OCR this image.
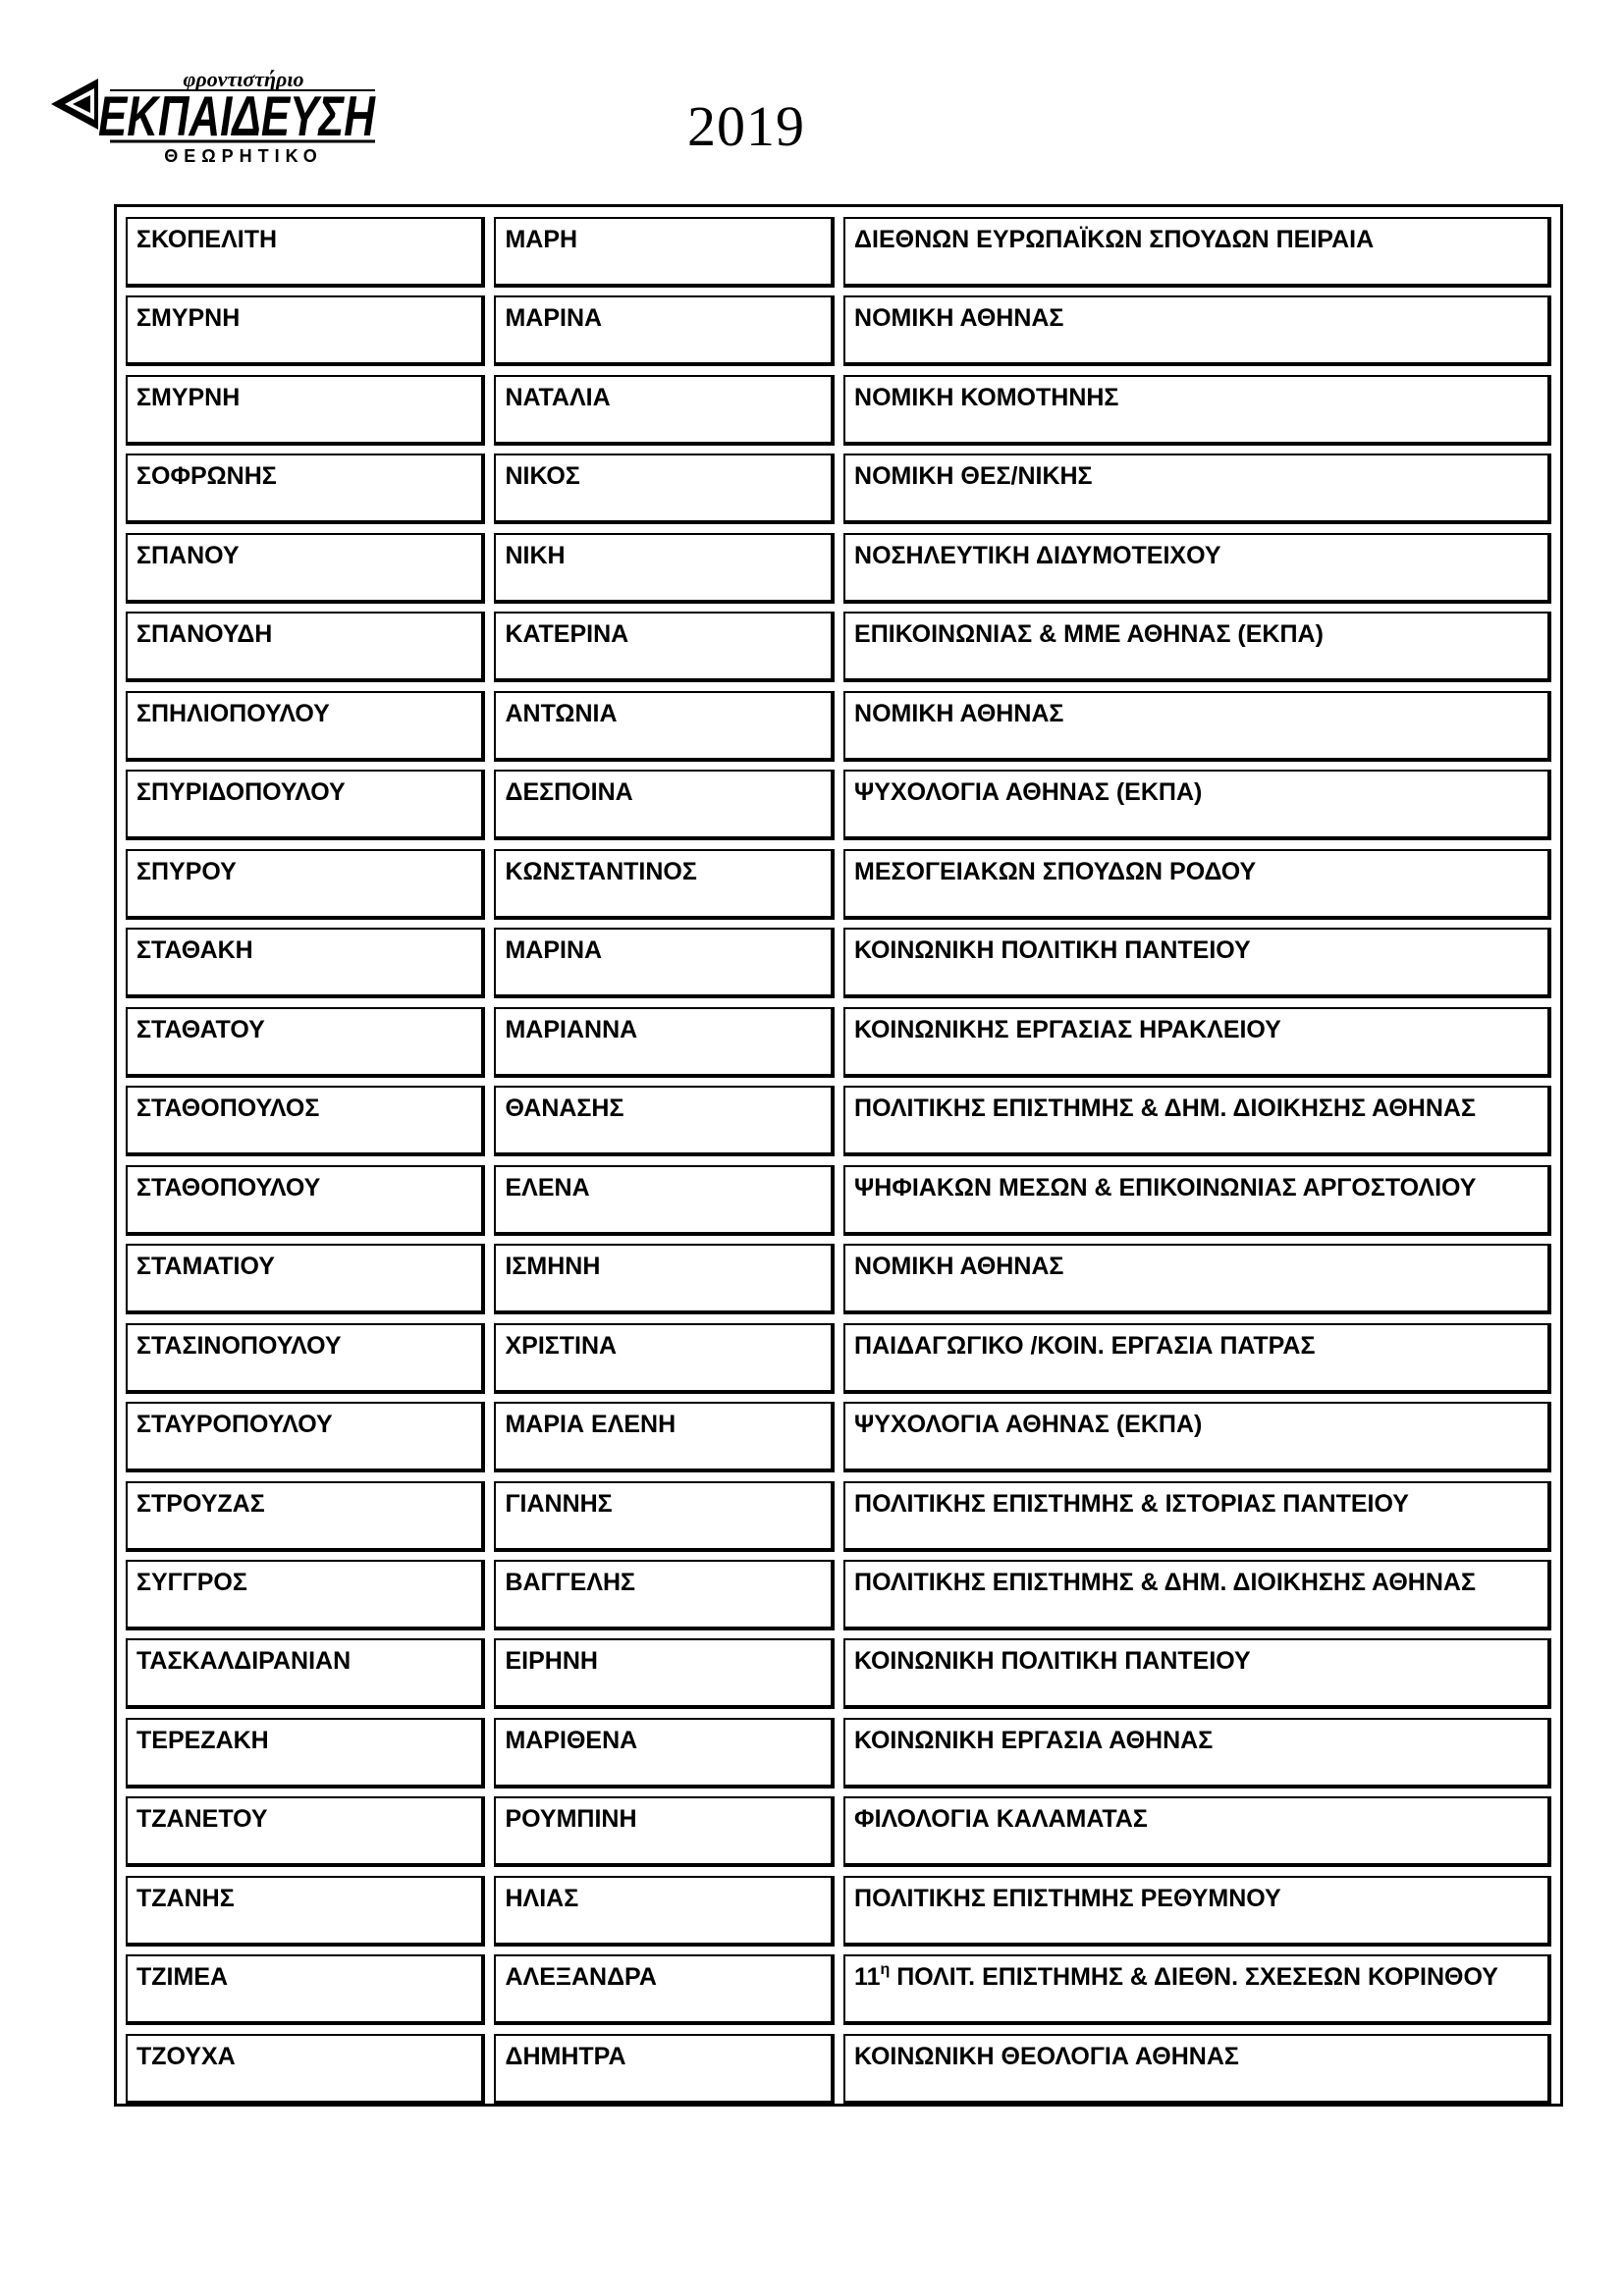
φροντιστήριο
ΕΚΠΑΙΔΕΥΣΗ
ΘΕΩΡΗΤΙΚΟ	2019
ΣΚΟΠΕΛΙΤΗ	ΜΑΡΗ	ΔΙΕΘΝΩΝ ΕΥΡΩΠΑΪΚΩΝ ΣΠΟΥΔΩΝ ΠΕΙΡΑΙΑ
ΣΜΥΡΝΗ	ΜΑΡΙΝΑ	ΝΟΜΙΚΗ ΑΘΗΝΑΣ
ΣΜΥΡΝΗ	ΝΑΤΑΛΙΑ	ΝΟΜΙΚΗ ΚΟΜΟΤΗΝΗΣ
ΣΟΦΡΩΝΗΣ	ΝΙΚΟΣ	ΝΟΜΙΚΗ ΘΕΣ/ΝΙΚΗΣ
ΣΠΑΝΟΥ	ΝΙΚΗ	ΝΟΣΗΛΕΥΤΙΚΗ ΔΙΔΥΜΟΤΕΙΧΟΥ
ΣΠΑΝΟΥΔΗ	ΚΑΤΕΡΙΝΑ	ΕΠΙΚΟΙΝΩΝΙΑΣ & ΜΜΕ ΑΘΗΝΑΣ (ΕΚΠΑ)
ΣΠΗΛΙΟΠΟΥΛΟΥ	ΑΝΤΩΝΙΑ	ΝΟΜΙΚΗ ΑΘΗΝΑΣ
ΣΠΥΡΙΔΟΠΟΥΛΟΥ	ΔΕΣΠΟΙΝΑ	ΨΥΧΟΛΟΓΙΑ ΑΘΗΝΑΣ (ΕΚΠΑ)
ΣΠΥΡΟΥ	ΚΩΝΣΤΑΝΤΙΝΟΣ	ΜΕΣΟΓΕΙΑΚΩΝ ΣΠΟΥΔΩΝ ΡΟΔΟΥ
ΣΤΑΘΑΚΗ	ΜΑΡΙΝΑ	ΚΟΙΝΩΝΙΚΗ ΠΟΛΙΤΙΚΗ ΠΑΝΤΕΙΟΥ
ΣΤΑΘΑΤΟΥ	ΜΑΡΙΑΝΝΑ	ΚΟΙΝΩΝΙΚΗΣ ΕΡΓΑΣΙΑΣ ΗΡΑΚΛΕΙΟΥ
ΣΤΑΘΟΠΟΥΛΟΣ	ΘΑΝΑΣΗΣ	ΠΟΛΙΤΙΚΗΣ ΕΠΙΣΤΗΜΗΣ & ΔΗΜ. ΔΙΟΙΚΗΣΗΣ ΑΘΗΝΑΣ
ΣΤΑΘΟΠΟΥΛΟΥ	ΕΛΕΝΑ	ΨΗΦΙΑΚΩΝ ΜΕΣΩΝ & ΕΠΙΚΟΙΝΩΝΙΑΣ ΑΡΓΟΣΤΟΛΙΟΥ
ΣΤΑΜΑΤΙΟΥ	ΙΣΜΗΝΗ	ΝΟΜΙΚΗ ΑΘΗΝΑΣ
ΣΤΑΣΙΝΟΠΟΥΛΟΥ	ΧΡΙΣΤΙΝΑ	ΠΑΙΔΑΓΩΓΙΚΟ /ΚΟΙΝ. ΕΡΓΑΣΙΑ ΠΑΤΡΑΣ
ΣΤΑΥΡΟΠΟΥΛΟΥ	ΜΑΡΙΑ ΕΛΕΝΗ	ΨΥΧΟΛΟΓΙΑ ΑΘΗΝΑΣ (ΕΚΠΑ)
ΣΤΡΟΥΖΑΣ	ΓΙΑΝΝΗΣ	ΠΟΛΙΤΙΚΗΣ ΕΠΙΣΤΗΜΗΣ & ΙΣΤΟΡΙΑΣ ΠΑΝΤΕΙΟΥ
ΣΥΓΓΡΟΣ	ΒΑΓΓΕΛΗΣ	ΠΟΛΙΤΙΚΗΣ ΕΠΙΣΤΗΜΗΣ & ΔΗΜ. ΔΙΟΙΚΗΣΗΣ ΑΘΗΝΑΣ
ΤΑΣΚΑΛΔΙΡΑΝΙΑΝ	ΕΙΡΗΝΗ	ΚΟΙΝΩΝΙΚΗ ΠΟΛΙΤΙΚΗ ΠΑΝΤΕΙΟΥ
ΤΕΡΕΖΑΚΗ	ΜΑΡΙΘΕΝΑ	ΚΟΙΝΩΝΙΚΗ ΕΡΓΑΣΙΑ ΑΘΗΝΑΣ
ΤΖΑΝΕΤΟΥ	ΡΟΥΜΠΙΝΗ	ΦΙΛΟΛΟΓΙΑ ΚΑΛΑΜΑΤΑΣ
ΤΖΑΝΗΣ	ΗΛΙΑΣ	ΠΟΛΙΤΙΚΗΣ ΕΠΙΣΤΗΜΗΣ ΡΕΘΥΜΝΟΥ
ΤΖΙΜΕΑ	ΑΛΕΞΑΝΔΡΑ	$11^\eta$ ΠΟΛΙΤ. ΕΠΙΣΤΗΜΗΣ & ΔΙΕΘΝ. ΣΧΕΣΕΩΝ ΚΟΡΙΝΘΟΥ
ΤΖΟΥΧΑ	ΔΗΜΗΤΡΑ	ΚΟΙΝΩΝΙΚΗ ΘΕΟΛΟΓΙΑ ΑΘΗΝΑΣ
